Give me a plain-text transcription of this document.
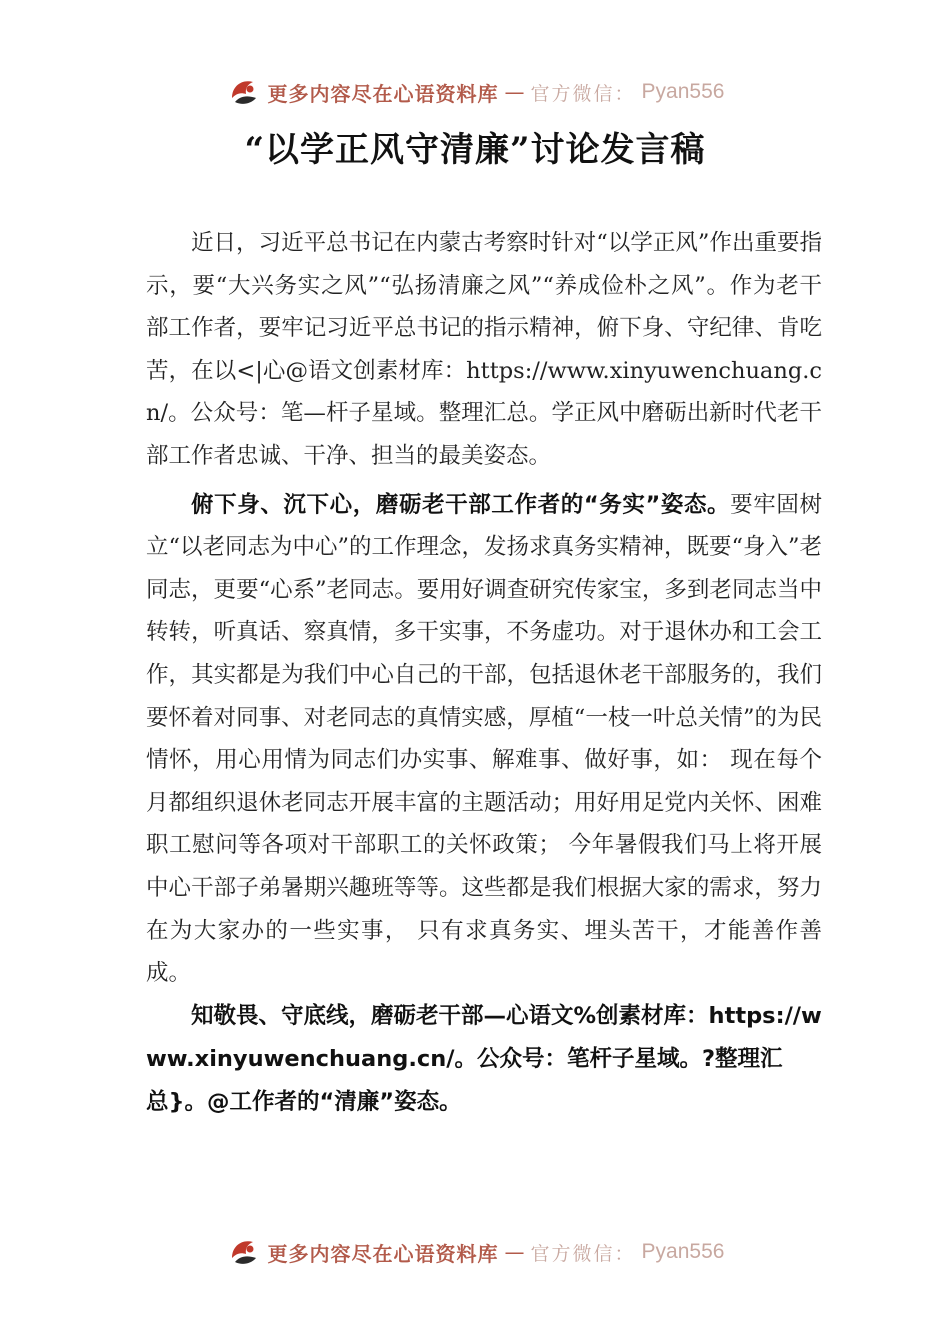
更多内容尽在心语资料库 — 官方微信： Pyan556
“以学正风守清廉”讨论发言稿

近日，习近平总书记在内蒙古考察时针对“以学正风”作出重要指示，要“大兴务实之风”“弘扬清廉之风”“养成俭朴之风”。作为老干部工作者，要牢记习近平总书记的指示精神，俯下身、守纪律、肯吃苦，在以<|心@语文创素材库：https://www.xinyuwenchuang.cn/。公众号：笔—杆子星域。整理汇总。学正风中磨砺出新时代老干部工作者忠诚、干净、担当的最美姿态。

俯下身、沉下心，磨砺老干部工作者的“务实”姿态。要牢固树立“以老同志为中心”的工作理念，发扬求真务实精神，既要“身入”老同志，更要“心系”老同志。要用好调查研究传家宝，多到老同志当中转转，听真话、察真情，多干实事，不务虚功。对于退休办和工会工作，其实都是为我们中心自己的干部，包括退休老干部服务的，我们要怀着对同事、对老同志的真情实感，厚植“一枝一叶总关情”的为民情怀，用心用情为同志们办实事、解难事、做好事，如： 现在每个月都组织退休老同志开展丰富的主题活动；用好用足党内关怀、困难职工慰问等各项对干部职工的关怀政策； 今年暑假我们马上将开展中心干部子弟暑期兴趣班等等。这些都是我们根据大家的需求，努力在为大家办的一些实事， 只有求真务实、埋头苦干，才能善作善成。

知敬畏、守底线，磨砺老干部—心语文%创素材库：https://www.xinyuwenchuang.cn/。公众号：笔杆子星域。?整理汇总}。@工作者的“清廉”姿态。

更多内容尽在心语资料库 — 官方微信： Pyan556
